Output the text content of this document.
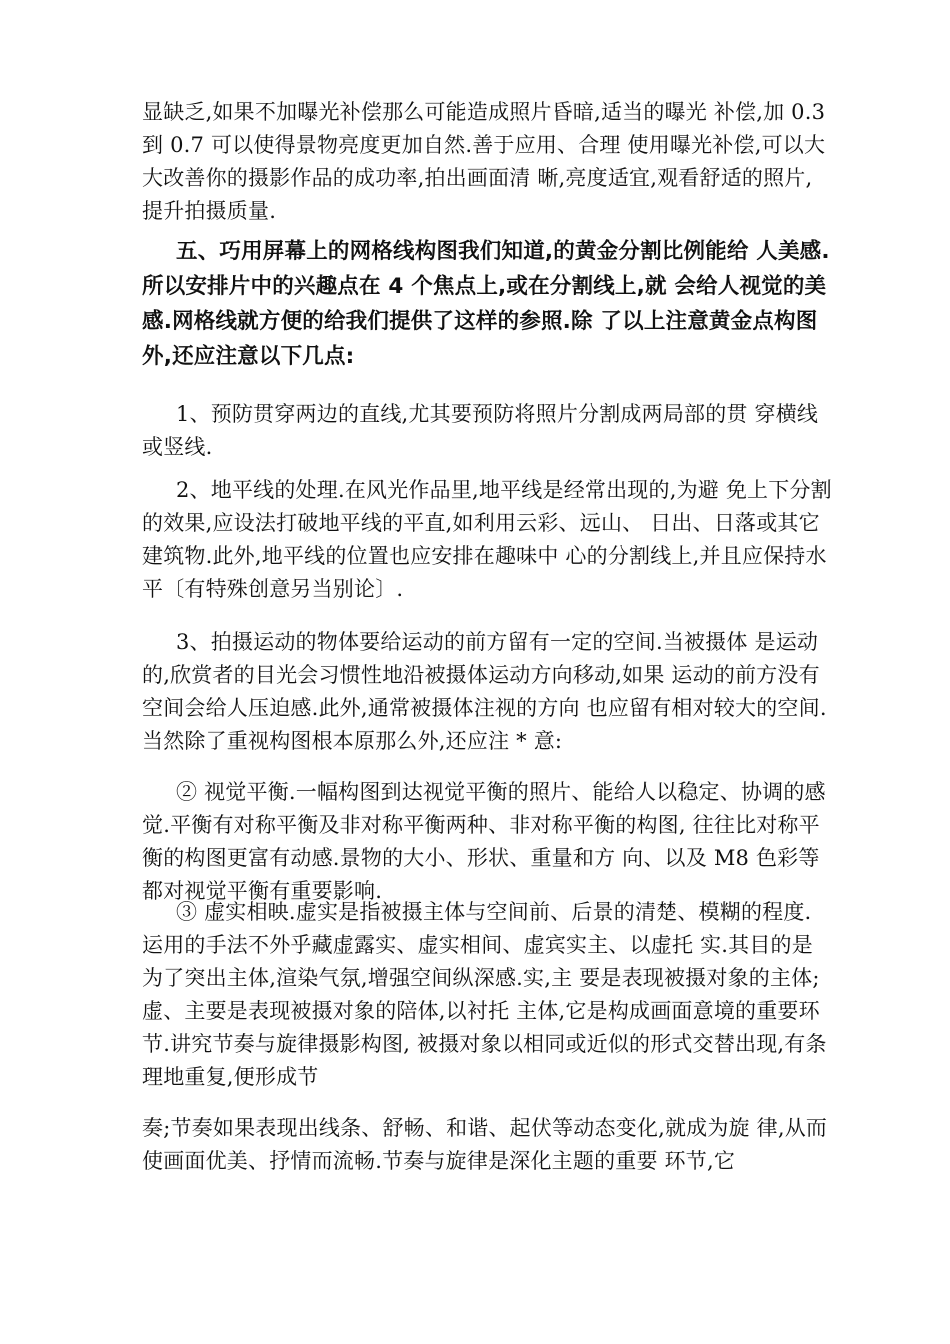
显缺乏,如果不加曝光补偿那么可能造成照片昏暗,适当的曝光 补偿,加 0.3 到 0.7 可以使得景物亮度更加自然.善于应用、合理 使用曝光补偿,可以大大改善你的摄影作品的成功率,拍出画面清 晰,亮度适宜,观看舒适的照片,提升拍摄质量.

五、巧用屏幕上的网格线构图我们知道,的黄金分割比例能给 人美感.所以安排片中的兴趣点在 4 个焦点上,或在分割线上,就 会给人视觉的美感.网格线就方便的给我们提供了这样的参照.除 了以上注意黄金点构图外,还应注意以下几点:

1、预防贯穿两边的直线,尤其要预防将照片分割成两局部的贯 穿横线或竖线.

2、地平线的处理.在风光作品里,地平线是经常出现的,为避 免上下分割的效果,应设法打破地平线的平直,如利用云彩、远山、 日出、日落或其它建筑物.此外,地平线的位置也应安排在趣味中 心的分割线上,并且应保持水平〔有特殊创意另当别论〕.

3、拍摄运动的物体要给运动的前方留有一定的空间.当被摄体 是运动的,欣赏者的目光会习惯性地沿被摄体运动方向移动,如果 运动的前方没有空间会给人压迫感.此外,通常被摄体注视的方向 也应留有相对较大的空间.当然除了重视构图根本原那么外,还应注 * 意:

② 视觉平衡.一幅构图到达视觉平衡的照片、能给人以稳定、协调的感觉.平衡有对称平衡及非对称平衡两种、非对称平衡的构图, 往往比对称平衡的构图更富有动感.景物的大小、形状、重量和方 向、以及 M8 色彩等都对视觉平衡有重要影响.

③ 虚实相映.虚实是指被摄主体与空间前、后景的清楚、模糊的程度.运用的手法不外乎藏虚露实、虚实相间、虚宾实主、以虚托 实.其目的是为了突出主体,渲染气氛,增强空间纵深感.实,主 要是表现被摄对象的主体;虚、主要是表现被摄对象的陪体,以衬托 主体,它是构成画面意境的重要环节.讲究节奏与旋律摄影构图, 被摄对象以相同或近似的形式交替出现,有条理地重复,便形成节

奏;节奏如果表现出线条、舒畅、和谐、起伏等动态变化,就成为旋 律,从而使画面优美、抒情而流畅.节奏与旋律是深化主题的重要 环节,它
